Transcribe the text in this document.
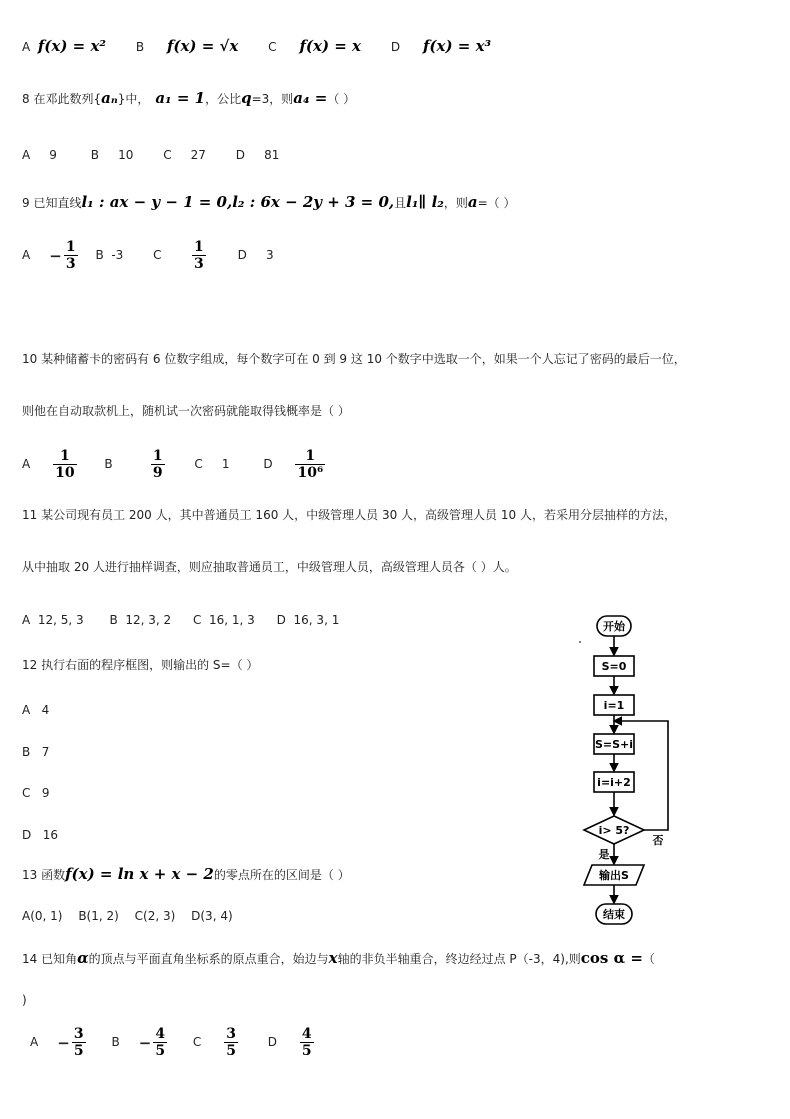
A f(x) = x² B f(x) = √x C f(x) = x D f(x) = x³
8 在邓此数列{aₙ}中， a₁ = 1，公比q=3，则a₄ =（ ）
A 9	B 10 C 27 D 81
9 已知直线l₁ : ax − y − 1 = 0,l₂ : 6x − 2y + 3 = 0,且l₁∥ l₂，则a=（ ）
$A - \frac{1}{3}$ B -3 C $\frac{1}{3}$	D 3
10 某种储蓄卡的密码有 6 位数字组成，每个数字可在 0 到 9 这 10 个数字中选取一个，如果一个人忘记了密码的最后一位，
则他在自动取款机上，随机试一次密码就能取得钱概率是（ ）
A $\frac{1}{10}$ B	$\frac{1}{9}$ C 1	D $\frac{1}{\text{10⁶}}$
11 某公司现有员工 200 人，其中普通员工 160 人，中级管理人员 30 人，高级管理人员 10 人，若采用分层抽样的方法，
从中抽取 20 人进行抽样调查，则应抽取普通员工，中级管理人员，高级管理人员各（ ）人。
A 12, 5, 3 B 12, 3, 2 C 16, 1, 3 D 16, 3, 1
12 执行右面的程序框图，则输出的 S=（ ）
A 4
B 7
C 9
D 16
开始
S=0
i=1
S=S+i
i=i+2
i> 5?
否
是
输出S
结束
13 函数f(x) = ln x + x − 2的零点所在的区间是（ ）
A(0, 1) B(1, 2) C(2, 3) D(3, 4)
14 已知角α的顶点与平面直角坐标系的原点重合，始边与x轴的非负半轴重合，终边经过点 P（-3，4),则cos α =（
)
$A - \frac{3}{5}$ $B - \frac{4}{5}$ C $\frac{3}{5}$ D $\frac{4}{5}$
